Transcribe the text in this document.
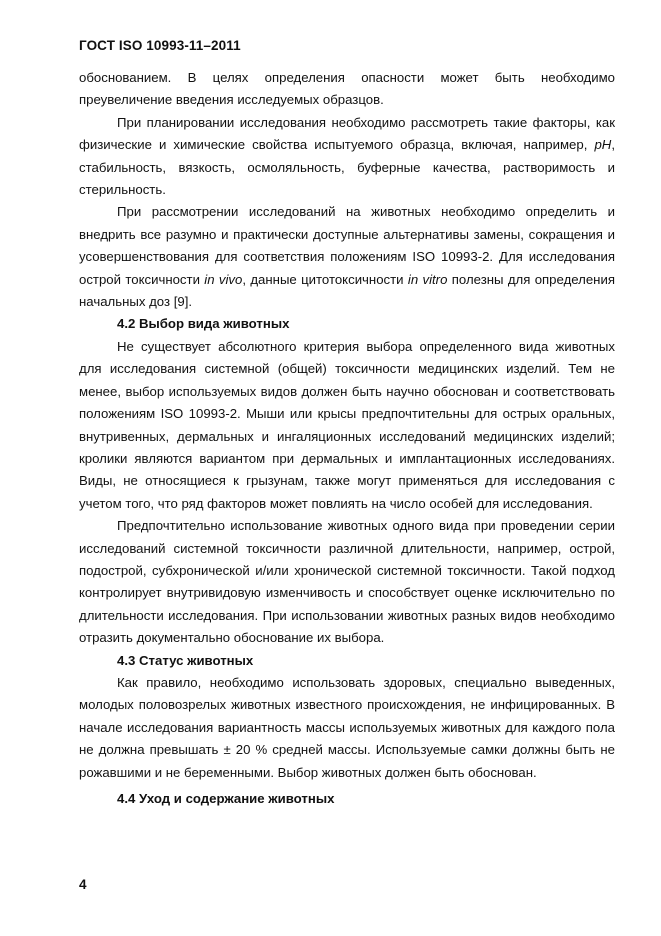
ГОСТ ISO 10993-11–2011

обоснованием. В целях определения опасности может быть необходимо преувеличение введения исследуемых образцов.

При планировании исследования необходимо рассмотреть такие факторы, как физические и химические свойства испытуемого образца, включая, например, pH, стабильность, вязкость, осмоляльность, буферные качества, растворимость и стерильность.

При рассмотрении исследований на животных необходимо определить и внедрить все разумно и практически доступные альтернативы замены, сокращения и усовершенствования для соответствия положениям ISO 10993-2. Для исследования острой токсичности in vivo, данные цитотоксичности in vitro полезны для определения начальных доз [9].

4.2 Выбор вида животных

Не существует абсолютного критерия выбора определенного вида животных для исследования системной (общей) токсичности медицинских изделий. Тем не менее, выбор используемых видов должен быть научно обоснован и соответствовать положениям ISO 10993-2. Мыши или крысы предпочтительны для острых оральных, внутривенных, дермальных и ингаляционных исследований медицинских изделий; кролики являются вариантом при дермальных и имплантационных исследованиях. Виды, не относящиеся к грызунам, также могут применяться для исследования с учетом того, что ряд факторов может повлиять на число особей для исследования.

Предпочтительно использование животных одного вида при проведении серии исследований системной токсичности различной длительности, например, острой, подострой, субхронической и/или хронической системной токсичности. Такой подход контролирует внутривидовую изменчивость и способствует оценке исключительно по длительности исследования. При использовании животных разных видов необходимо отразить документально обоснование их выбора.

4.3 Статус животных

Как правило, необходимо использовать здоровых, специально выведенных, молодых половозрелых животных известного происхождения, не инфицированных. В начале исследования вариантность массы используемых животных для каждого пола не должна превышать ± 20 % средней массы. Используемые самки должны быть не рожавшими и не беременными. Выбор животных должен быть обоснован.

4.4 Уход и содержание животных
4
